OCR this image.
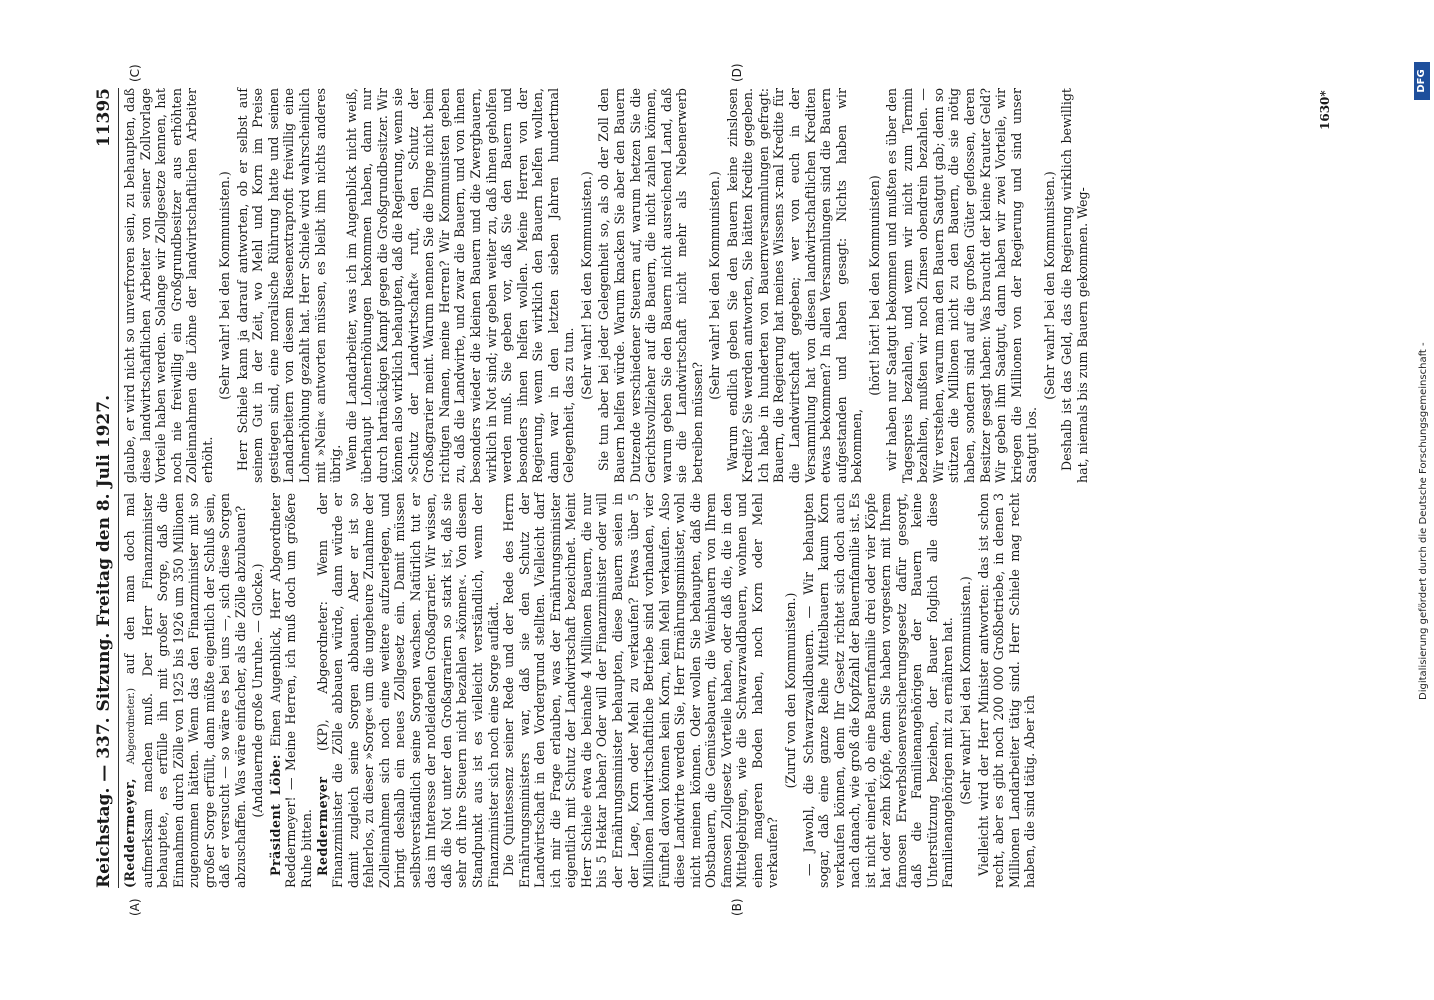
Reichstag. — 337. Sitzung. Freitag den 8. Juli 1927.
11395
(A)	(B)
(C)	(D)

(Reddermeyer, Abgeordneter.) auf den man doch mal aufmerksam machen muß. Der Herr Finanzminister behauptete, es erfülle ihn mit großer Sorge, daß die Einnahmen durch Zölle von 1925 bis 1926 um 350 Millionen zugenommen hätten. Wenn das den Finanzminister mit so großer Sorge erfüllt, dann müßte eigentlich der Schluß sein, daß er versucht — so wäre es bei uns —, sich diese Sorgen abzuschaffen. Was wäre einfacher, als die Zölle abzubauen? (Andauernde große Unruhe. — Glocke.) Präsident Löbe: Einen Augenblick, Herr Abgeordneter Reddermeyer! — Meine Herren, ich muß doch um größere Ruhe bitten. Reddermeyer (KP), Abgeordneter: Wenn der Finanzminister die Zölle abbauen würde, dann würde er damit zugleich seine Sorgen abbauen. Aber er ist so fehlerlos, zu dieser »Sorge« um die ungeheure Zunahme der Zolleinnahmen sich noch eine weitere aufzuerlegen, und bringt deshalb ein neues Zollgesetz ein. Damit müssen selbstverständlich seine Sorgen wachsen. Natürlich tut er das im Interesse der notleidenden Großagrarier. Wir wissen, daß die Not unter den Großagrariern so stark ist, daß sie sehr oft ihre Steuern nicht bezahlen »können«. Von diesem Standpunkt aus ist es vielleicht verständlich, wenn der Finanzminister sich noch eine Sorge auflädt. Die Quintessenz seiner Rede und der Rede des Herrn Ernährungsministers war, daß sie den Schutz der Landwirtschaft in den Vordergrund stellten. Vielleicht darf ich mir die Frage erlauben, was der Ernährungsminister eigentlich mit Schutz der Landwirtschaft bezeichnet. Meint Herr Schiele etwa die beinahe 4 Millionen Bauern, die nur bis 5 Hektar haben? Oder will der Finanzminister oder will der Ernährungsminister behaupten, diese Bauern seien in der Lage, Korn oder Mehl zu verkaufen? Etwas über 5 Millionen landwirtschaftliche Betriebe sind vorhanden, vier Fünftel davon können kein Korn, kein Mehl verkaufen. Also diese Landwirte werden Sie, Herr Ernährungsminister, wohl nicht meinen können. Oder wollen Sie behaupten, daß die Obstbauern, die Gemüsebauern, die Weinbauern von Ihrem famosen Zollgesetz Vorteile haben, oder daß die, die in den Mittelgebirgen, wie die Schwarzwaldbauern, wohnen und einen mageren Boden haben, noch Korn oder Mehl verkaufen?

(Zuruf von den Kommunisten.) — Jawohl, die Schwarzwaldbauern. — Wir behaupten sogar, daß eine ganze Reihe Mittelbauern kaum Korn verkaufen können, denn Ihr Gesetz richtet sich doch auch nach danach, wie groß die Kopfzahl der Bauernfamilie ist. Es ist nicht einerlei, ob eine Bauernfamilie drei oder vier Köpfe hat oder zehn Köpfe, denn Sie haben vorgestern mit Ihrem famosen Erwerbslosenversicherungsgesetz dafür gesorgt, daß die Familienangehörigen der Bauern keine Unterstützung beziehen, der Bauer folglich alle diese Familienangehörigen mit zu ernähren hat. (Sehr wahr! bei den Kommunisten.) Vielleicht wird der Herr Minister antworten: das ist schon recht, aber es gibt noch 200 000 Großbetriebe, in denen 3 Millionen Landarbeiter tätig sind. Herr Schiele mag recht haben, die sind tätig. Aber ich

glaube, er wird nicht so unverfroren sein, zu behaupten, daß diese landwirtschaftlichen Arbeiter von seiner Zollvorlage Vorteile haben werden. Solange wir Zollgesetze kennen, hat noch nie freiwillig ein Großgrundbesitzer aus erhöhten Zolleinnahmen die Löhne der landwirtschaftlichen Arbeiter erhöht.

(Sehr wahr! bei den Kommunisten.) Herr Schiele kann ja darauf antworten, ob er selbst auf seinem Gut in der Zeit, wo Mehl und Korn im Preise gestiegen sind, eine moralische Rührung hatte und seinen Landarbeitern von diesem Riesenextraprofit freiwillig eine Lohnerhöhung gezahlt hat. Herr Schiele wird wahrscheinlich mit »Nein« antworten müssen, es bleibt ihm nichts anderes übrig. Wenn die Landarbeiter, was ich im Augenblick nicht weiß, überhaupt Lohnerhöhungen bekommen haben, dann nur durch hartnäckigen Kampf gegen die Großgrundbesitzer. Wir können also wirklich behaupten, daß die Regierung, wenn sie »Schutz der Landwirtschaft« ruft, den Schutz der Großagrarier meint. Warum nennen Sie die Dinge nicht beim richtigen Namen, meine Herren? Wir Kommunisten geben zu, daß die Landwirte, und zwar die Bauern, und von ihnen besonders wieder die kleinen Bauern und die Zwergbauern, wirklich in Not sind; wir geben weiter zu, daß ihnen geholfen werden muß. Sie geben vor, daß Sie den Bauern und besonders ihnen helfen wollen. Meine Herren von der Regierung, wenn Sie wirklich den Bauern helfen wollten, dann war in den letzten sieben Jahren hundertmal Gelegenheit, das zu tun.

(Sehr wahr! bei den Kommunisten.) Sie tun aber bei jeder Gelegenheit so, als ob der Zoll den Bauern helfen würde. Warum knacken Sie aber den Bauern Dutzende verschiedener Steuern auf, warum hetzen Sie die Gerichtsvollzieher auf die Bauern, die nicht zahlen können, warum geben Sie den Bauern nicht ausreichend Land, daß sie die Landwirtschaft nicht mehr als Nebenerwerb betreiben müssen?

(Sehr wahr! bei den Kommunisten.) Warum endlich geben Sie den Bauern keine zinslosen Kredite? Sie werden antworten, Sie hätten Kredite gegeben. Ich habe in hunderten von Bauernversammlungen gefragt: Bauern, die Regierung hat meines Wissens x-mal Kredite für die Landwirtschaft gegeben; wer von euch in der Versammlung hat von diesen landwirtschaftlichen Krediten etwas bekommen? In allen Versammlungen sind die Bauern aufgestanden und haben gesagt: Nichts haben wir bekommen,

(hört! hört! bei den Kommunisten) wir haben nur Saatgut bekommen und mußten es über den Tagespreis bezahlen, und wenn wir nicht zum Termin bezahlten, mußten wir noch Zinsen obendrein bezahlen. — Wir verstehen, warum man den Bauern Saatgut gab; denn so stützen die Millionen nicht zu den Bauern, die sie nötig haben, sondern sind auf die großen Güter geflossen, deren Besitzer gesagt haben: Was braucht der kleine Krauter Geld? Wir geben ihm Saatgut, dann haben wir zwei Vorteile, wir kriegen die Millionen von der Regierung und sind unser Saatgut los.

(Sehr wahr! bei den Kommunisten.) Deshalb ist das Geld, das die Regierung wirklich bewilligt hat, niemals bis zum Bauern gekommen. Weg-

1630*
Digitalisierung gefördert durch die Deutsche Forschungsgemeinschaft -
DFG
